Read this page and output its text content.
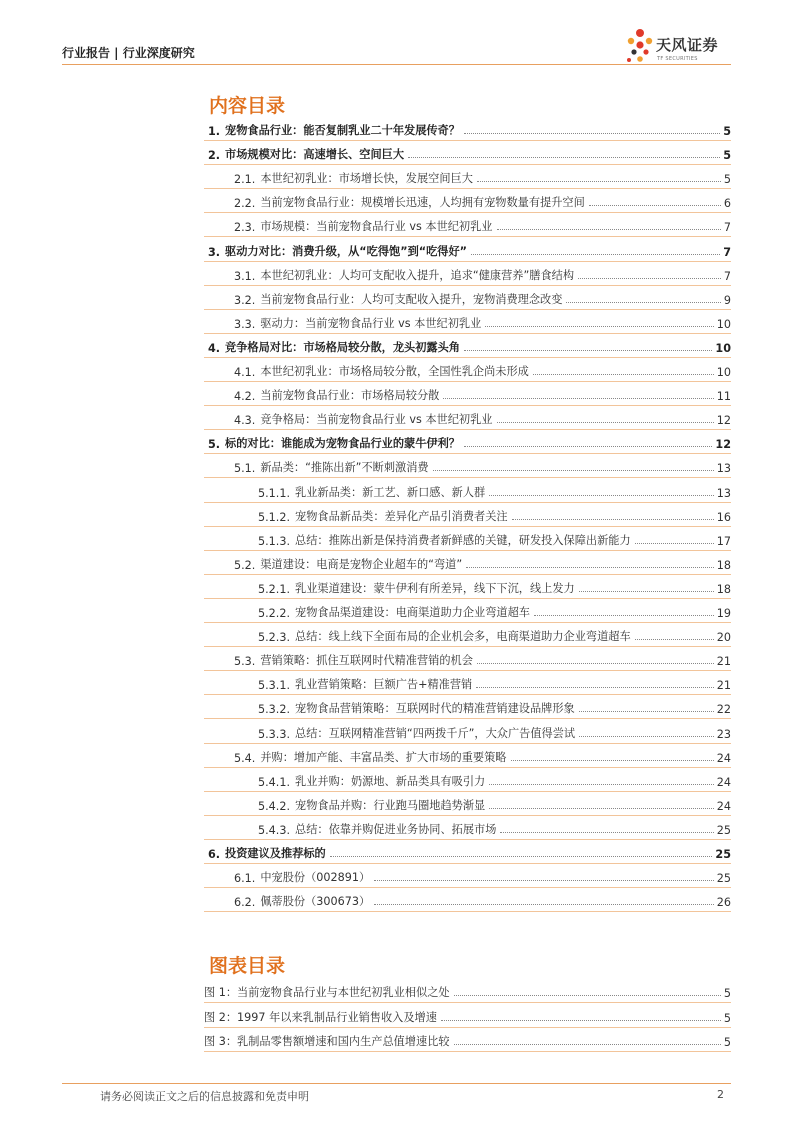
行业报告 | 行业深度研究	天风证券
TF SECURITIES
内容目录
1. 宠物食品行业：能否复制乳业二十年发展传奇？	5
2. 市场规模对比：高速增长、空间巨大	5
2.1. 本世纪初乳业：市场增长快，发展空间巨大	5
2.2. 当前宠物食品行业：规模增长迅速，人均拥有宠物数量有提升空间	6
2.3. 市场规模：当前宠物食品行业 vs 本世纪初乳业	7
3. 驱动力对比：消费升级，从“吃得饱”到“吃得好”	7
3.1. 本世纪初乳业：人均可支配收入提升，追求“健康营养”膳食结构	7
3.2. 当前宠物食品行业：人均可支配收入提升，宠物消费理念改变	9
3.3. 驱动力：当前宠物食品行业 vs 本世纪初乳业	10
4. 竞争格局对比：市场格局较分散，龙头初露头角	10
4.1. 本世纪初乳业：市场格局较分散，全国性乳企尚未形成	10
4.2. 当前宠物食品行业：市场格局较分散	11
4.3. 竞争格局：当前宠物食品行业 vs 本世纪初乳业	12
5. 标的对比：谁能成为宠物食品行业的蒙牛伊利？	12
5.1. 新品类：“推陈出新”不断刺激消费	13
5.1.1. 乳业新品类：新工艺、新口感、新人群	13
5.1.2. 宠物食品新品类：差异化产品引消费者关注	16
5.1.3. 总结：推陈出新是保持消费者新鲜感的关键，研发投入保障出新能力	17
5.2. 渠道建设：电商是宠物企业超车的“弯道”	18
5.2.1. 乳业渠道建设：蒙牛伊利有所差异，线下下沉，线上发力	18
5.2.2. 宠物食品渠道建设：电商渠道助力企业弯道超车	19
5.2.3. 总结：线上线下全面布局的企业机会多，电商渠道助力企业弯道超车	20
5.3. 营销策略：抓住互联网时代精准营销的机会	21
5.3.1. 乳业营销策略：巨额广告+精准营销	21
5.3.2. 宠物食品营销策略：互联网时代的精准营销建设品牌形象	22
5.3.3. 总结：互联网精准营销“四两拨千斤”，大众广告值得尝试	23
5.4. 并购：增加产能、丰富品类、扩大市场的重要策略	24
5.4.1. 乳业并购：奶源地、新品类具有吸引力	24
5.4.2. 宠物食品并购：行业跑马圈地趋势渐显	24
5.4.3. 总结：依靠并购促进业务协同、拓展市场	25
6. 投资建议及推荐标的	25
6.1. 中宠股份（002891）	25
6.2. 佩蒂股份（300673）	26
图表目录
图 1：当前宠物食品行业与本世纪初乳业相似之处	5
图 2：1997 年以来乳制品行业销售收入及增速	5
图 3：乳制品零售额增速和国内生产总值增速比较	5
请务必阅读正文之后的信息披露和免责申明	2
